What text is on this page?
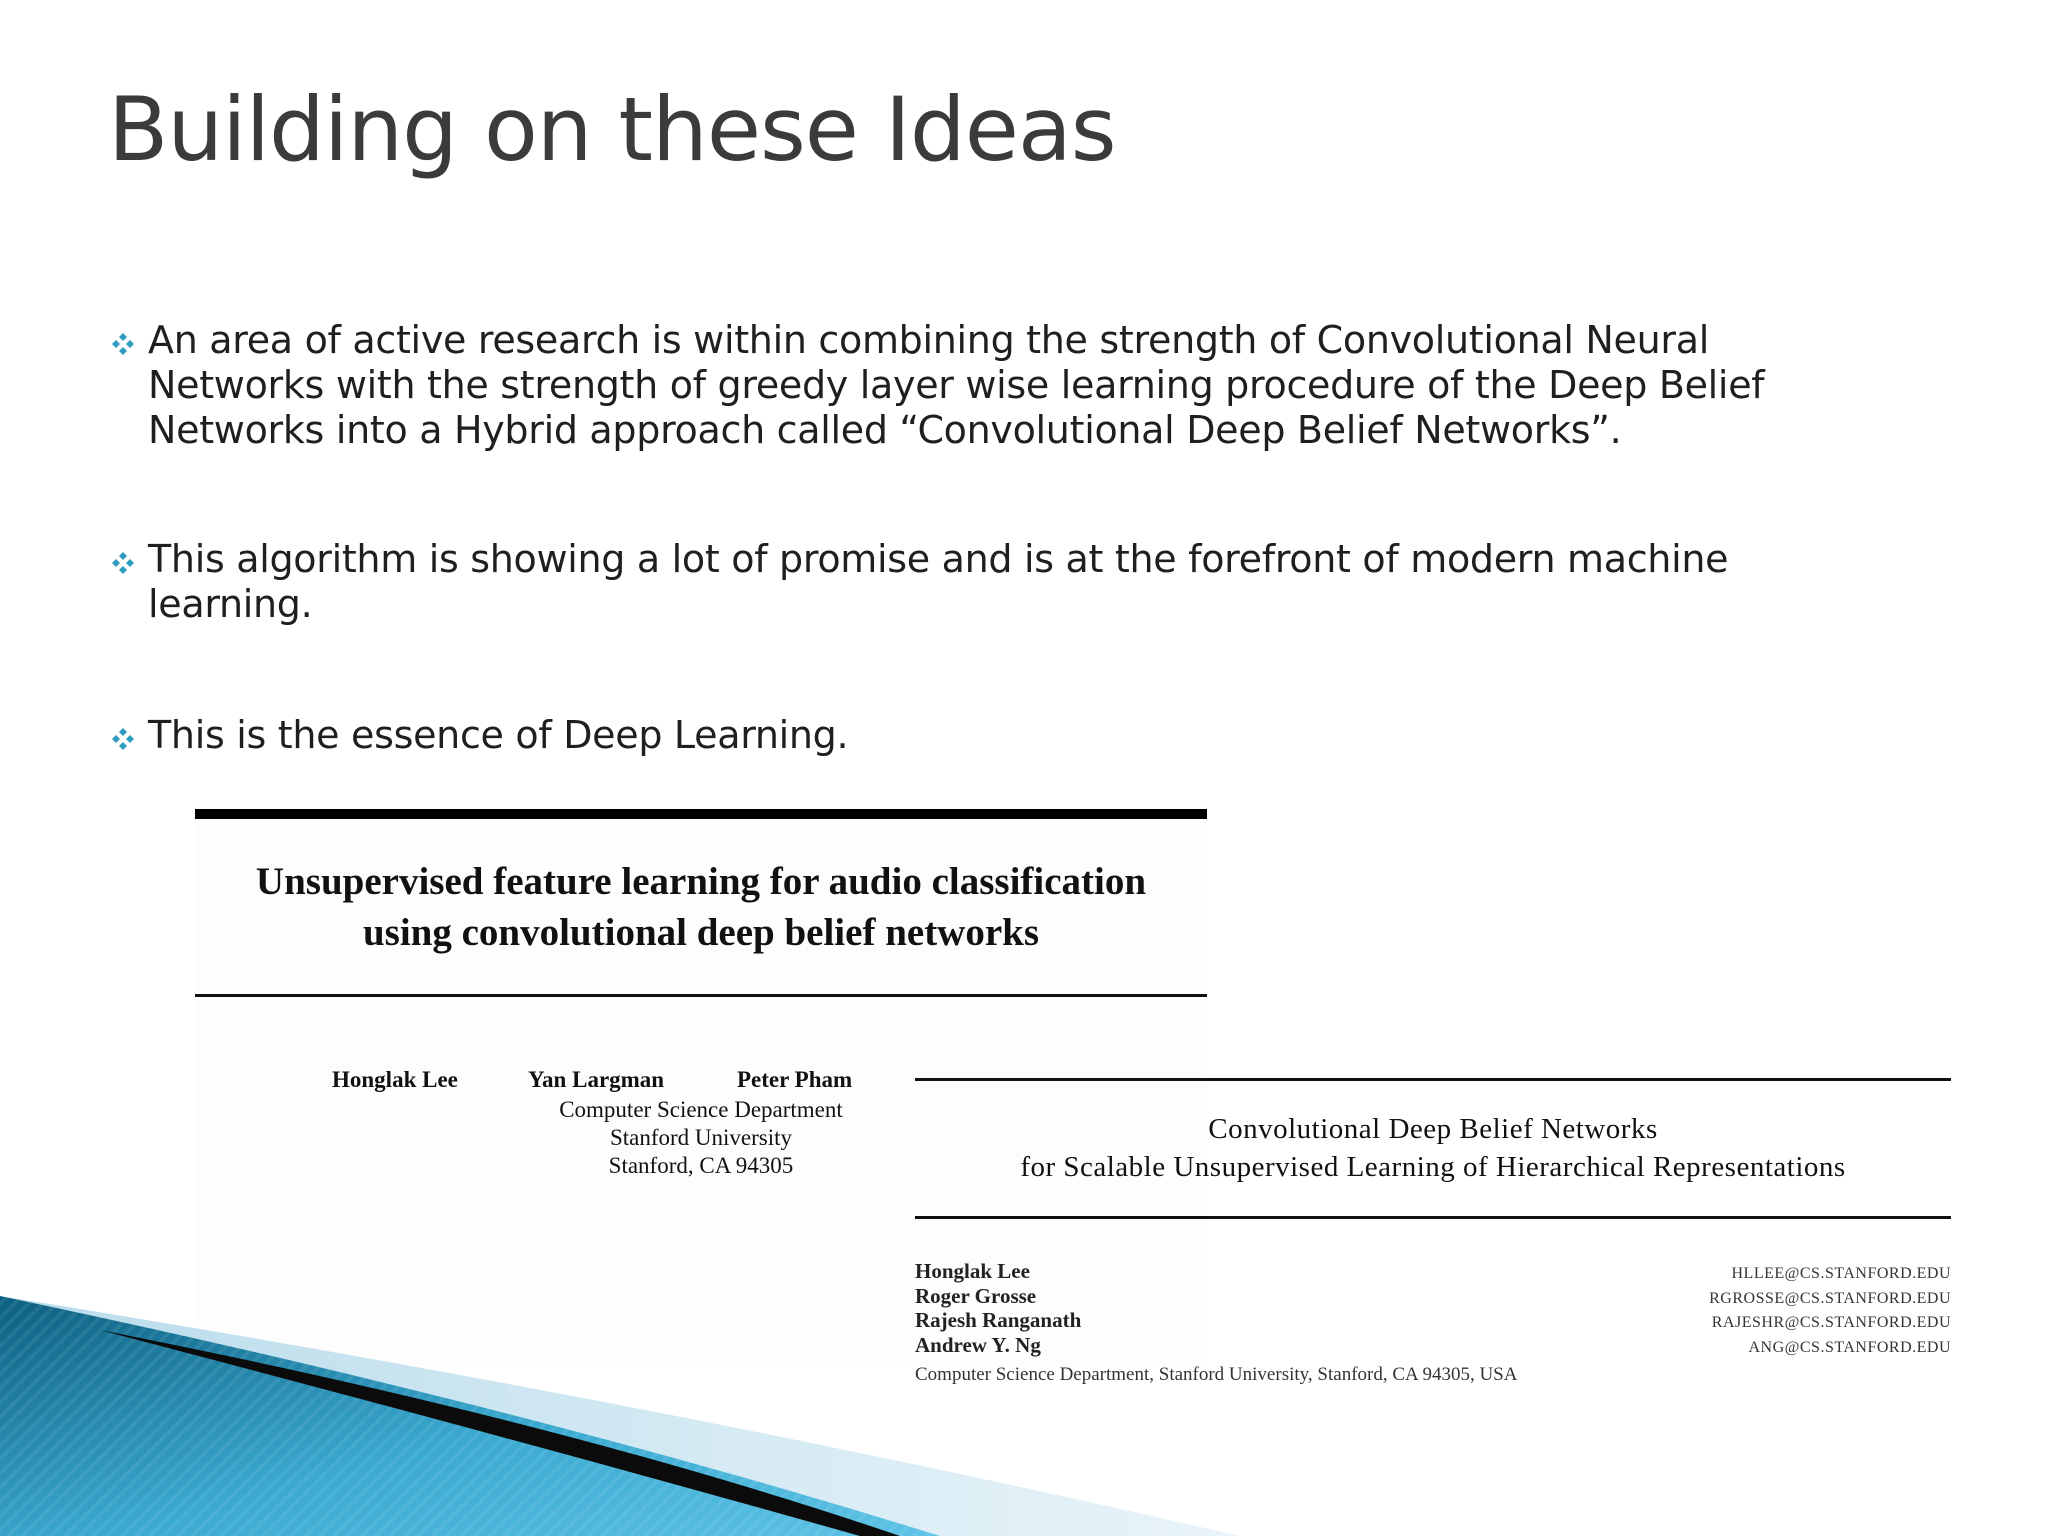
Building on these Ideas
An area of active research is within combining the strength of Convolutional Neural
Networks with the strength of greedy layer wise learning procedure of the Deep Belief
Networks into a Hybrid approach called “Convolutional Deep Belief Networks”.
This algorithm is showing a lot of promise and is at the forefront of modern machine
learning.
This is the essence of Deep Learning.
Unsupervised feature learning for audio classification
using convolutional deep belief networks
Honglak Lee	Yan Largman	Peter Pham
Computer Science Department
Stanford University
Stanford, CA 94305
Convolutional Deep Belief Networks
for Scalable Unsupervised Learning of Hierarchical Representations
Honglak Lee
Roger Grosse
Rajesh Ranganath
Andrew Y. Ng
HLLEE@CS.STANFORD.EDU
RGROSSE@CS.STANFORD.EDU
RAJESHR@CS.STANFORD.EDU
ANG@CS.STANFORD.EDU
Computer Science Department, Stanford University, Stanford, CA 94305, USA
